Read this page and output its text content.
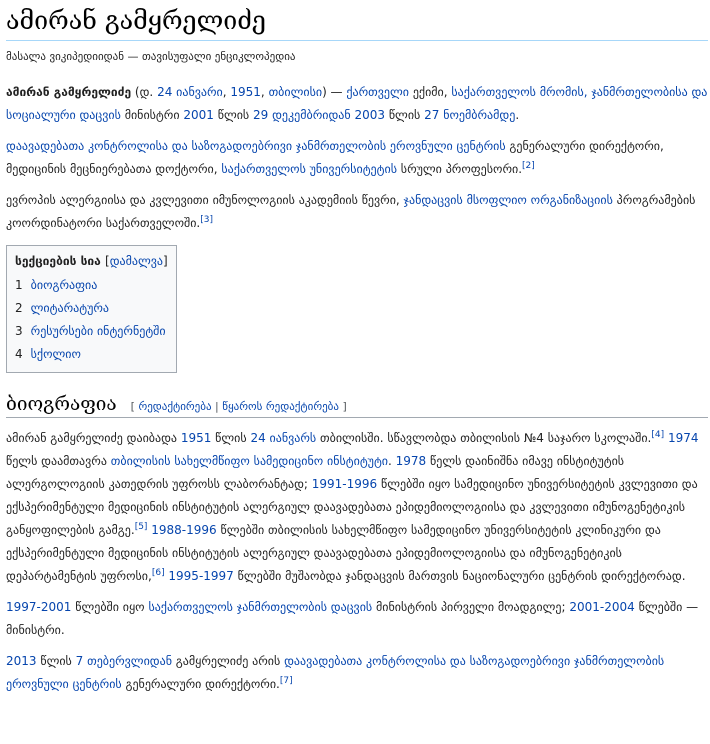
ამირან გამყრელიძე
მასალა ვიკიპედიიდან — თავისუფალი ენციკლოპედია

ამირან გამყრელიძე (დ. 24 იანვარი, 1951, თბილისი) — ქართველი ექიმი, საქართველოს მრომის, ჯანმრთელობისა და სოციალური დაცვის მინისტრი 2001 წლის 29 დეკემბრიდან 2003 წლის 27 ნოემბრამდე.

დაავადებათა კონტროლისა და საზოგადოებრივი ჯანმრთელობის ეროვნული ცენტრის გენერალური დირექტორი, მედიცინის მეცნიერებათა დოქტორი, საქართველოს უნივერსიტეტის სრული პროფესორი.[2]

ევროპის ალერგიისა და კვლევითი იმუნოლოგიის აკადემიის წევრი, ჯანდაცვის მსოფლიო ორგანიზაციის პროგრამების კოორდინატორი საქართველოში.[3]

სექციების სია [დამალვა]
1 ბიოგრაფია
2 ლიტარატურა
3 რესურსები ინტერნეტში
4 სქოლიო
ბიოგრაფია [ რედაქტირება | წყაროს რედაქტირება ]

ამირან გამყრელიძე დაიბადა 1951 წლის 24 იანვარს თბილისში. სწავლობდა თბილისის №4 საჯარო სკოლაში.[4] 1974 წელს დაამთავრა თბილისის სახელმწიფო სამედიცინო ინსტიტუტი. 1978 წელს დაინიშნა იმავე ინსტიტუტის ალერგოლოგიის კათედრის უფროსს ლაბორანტად; 1991-1996 წლებში იყო სამედიცინო უნივერსიტეტის კვლევითი და ექსპერიმენტული მედიცინის ინსტიტუტის ალერგიულ დაავადებათა ეპიდემიოლოგიისა და კვლევითი იმუნოგენეტიკის განყოფილების გამგე.[5] 1988-1996 წლებში თბილისის სახელმწიფო სამედიცინო უნივერსიტეტის კლინიკური და ექსპერიმენტული მედიცინის ინსტიტუტის ალერგიულ დაავადებათა ეპიდემიოლოგიისა და იმუნოგენეტიკის დეპარტამენტის უფროსი,[6] 1995-1997 წლებში მუშაობდა ჯანდაცვის მართვის ნაციონალური ცენტრის დირექტორად.

1997-2001 წლებში იყო საქართველოს ჯანმრთელობის დაცვის მინისტრის პირველი მოადგილე; 2001-2004 წლებში — მინისტრი.

2013 წლის 7 თებერვლიდან გამყრელიძე არის დაავადებათა კონტროლისა და საზოგადოებრივი ჯანმრთელობის ეროვნული ცენტრის გენერალური დირექტორი.[7]
